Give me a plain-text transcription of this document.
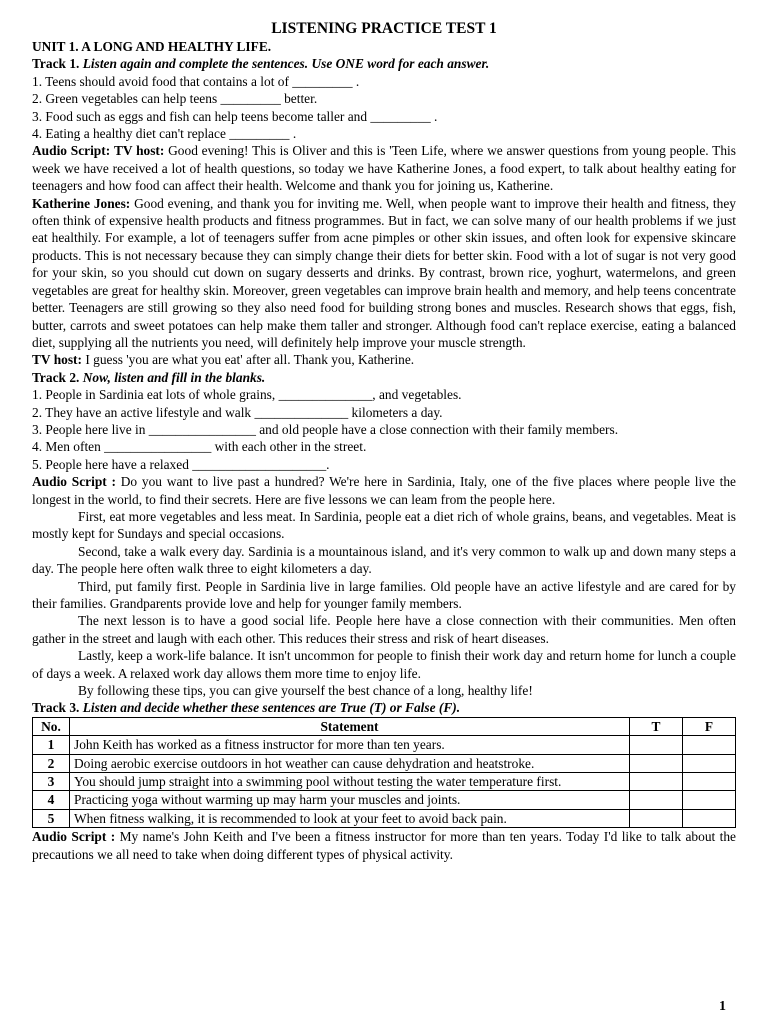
LISTENING PRACTICE TEST 1
UNIT 1. A LONG AND HEALTHY LIFE.
Track 1. Listen again and complete the sentences. Use ONE word for each answer.
1. Teens should avoid food that contains a lot of _________ .
2. Green vegetables can help teens _________ better.
3. Food such as eggs and fish can help teens become taller and _________ .
4. Eating a healthy diet can't replace _________ .

Audio Script: TV host: Good evening! This is Oliver and this is 'Teen Life, where we answer questions from young people. This week we have received a lot of health questions, so today we have Katherine Jones, a food expert, to talk about healthy eating for teenagers and how food can affect their health. Welcome and thank you for joining us, Katherine.

Katherine Jones: Good evening, and thank you for inviting me. Well, when people want to improve their health and fitness, they often think of expensive health products and fitness programmes. But in fact, we can solve many of our health problems if we just eat healthily. For example, a lot of teenagers suffer from acne pimples or other skin issues, and often look for expensive skincare products. This is not necessary because they can simply change their diets for better skin. Food with a lot of sugar is not very good for your skin, so you should cut down on sugary desserts and drinks. By contrast, brown rice, yoghurt, watermelons, and green vegetables are great for healthy skin. Moreover, green vegetables can improve brain health and memory, and help teens concentrate better. Teenagers are still growing so they also need food for building strong bones and muscles. Research shows that eggs, fish, butter, carrots and sweet potatoes can help make them taller and stronger. Although food can't replace exercise, eating a balanced diet, supplying all the nutrients you need, will definitely help improve your muscle strength.

TV host: I guess 'you are what you eat' after all. Thank you, Katherine.

Track 2. Now, listen and fill in the blanks.
1. People in Sardinia eat lots of whole grains, ______________, and vegetables.
2. They have an active lifestyle and walk ______________ kilometers a day.
3. People here live in ________________ and old people have a close connection with their family members.
4. Men often ________________ with each other in the street.
5. People here have a relaxed ____________________.

Audio Script : Do you want to live past a hundred? We're here in Sardinia, Italy, one of the five places where people live the longest in the world, to find their secrets. Here are five lessons we can leam from the people here.

First, eat more vegetables and less meat. In Sardinia, people eat a diet rich of whole grains, beans, and vegetables. Meat is mostly kept for Sundays and special occasions.

Second, take a walk every day. Sardinia is a mountainous island, and it's very common to walk up and down many steps a day. The people here often walk three to eight kilometers a day.

Third, put family first. People in Sardinia live in large families. Old people have an active lifestyle and are cared for by their families. Grandparents provide love and help for younger family members.

The next lesson is to have a good social life. People here have a close connection with their communities. Men often gather in the street and laugh with each other. This reduces their stress and risk of heart diseases.

Lastly, keep a work-life balance. It isn't uncommon for people to finish their work day and return home for lunch a couple of days a week. A relaxed work day allows them more time to enjoy life.

By following these tips, you can give yourself the best chance of a long, healthy life!

Track 3. Listen and decide whether these sentences are True (T) or False (F).
No.	Statement	T	F
1	John Keith has worked as a fitness instructor for more than ten years.		
2	Doing aerobic exercise outdoors in hot weather can cause dehydration and heatstroke.		
3	You should jump straight into a swimming pool without testing the water temperature first.		
4	Practicing yoga without warming up may harm your muscles and joints.		
5	When fitness walking, it is recommended to look at your feet to avoid back pain.		

Audio Script : My name's John Keith and I've been a fitness instructor for more than ten years. Today I'd like to talk about the precautions we all need to take when doing different types of physical activity.

1
